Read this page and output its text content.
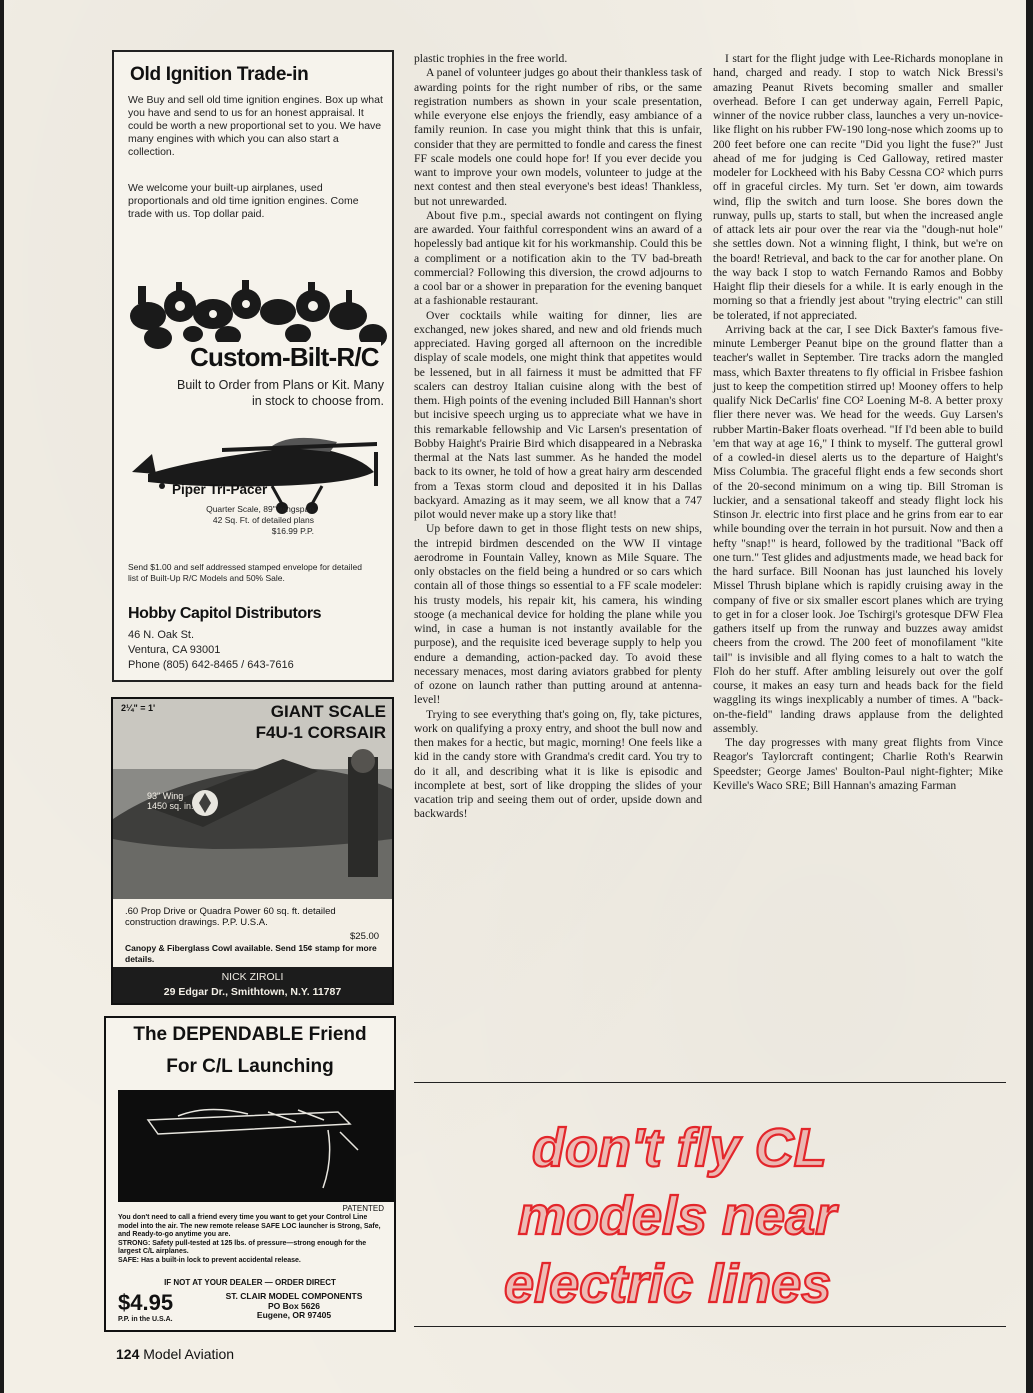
Old Ignition Trade-in
We Buy and sell old time ignition engines. Box up what you have and send to us for an honest appraisal. It could be worth a new proportional set to you. We have many engines with which you can also start a collection.
We welcome your built-up airplanes, used proportionals and old time ignition engines. Come trade with us. Top dollar paid.
Custom-Bilt-R/C
Built to Order from Plans or Kit. Many in stock to choose from.
Piper Tri-Pacer
Quarter Scale, 89" wingspan
42 Sq. Ft. of detailed plans
$16.99 P.P.
Send $1.00 and self addressed stamped envelope for detailed list of Built-Up R/C Models and 50% Sale.
Hobby Capitol Distributors
46 N. Oak St.
Ventura, CA 93001
Phone (805) 642-8465 / 643-7616
2¼" = 1'	GIANT SCALE
F4U-1 CORSAIR
93" Wing
1450 sq. in.
.60 Prop Drive or Quadra Power 60 sq. ft. detailed construction drawings. P.P. U.S.A.
$25.00
Canopy & Fiberglass Cowl available. Send 15¢ stamp for more details.
NICK ZIROLI
29 Edgar Dr., Smithtown, N.Y. 11787
The DEPENDABLE Friend
For C/L Launching
PATENTED
You don't need to call a friend every time you want to get your Control Line model into the air. The new remote release SAFE LOC launcher is Strong, Safe, and Ready-to-go anytime you are.
STRONG: Safety pull-tested at 125 lbs. of pressure—strong enough for the largest C/L airplanes.
SAFE: Has a built-in lock to prevent accidental release.
IF NOT AT YOUR DEALER — ORDER DIRECT
$4.95
P.P. in the U.S.A.
ST. CLAIR MODEL COMPONENTS
PO Box 5626
Eugene, OR 97405

plastic trophies in the free world.

A panel of volunteer judges go about their thankless task of awarding points for the right number of ribs, or the same registration numbers as shown in your scale presentation, while everyone else enjoys the friendly, easy ambiance of a family reunion. In case you might think that this is unfair, consider that they are permitted to fondle and caress the finest FF scale models one could hope for! If you ever decide you want to improve your own models, volunteer to judge at the next contest and then steal everyone's best ideas! Thankless, but not unrewarded.

About five p.m., special awards not contingent on flying are awarded. Your faithful correspondent wins an award of a hopelessly bad antique kit for his workmanship. Could this be a compliment or a notification akin to the TV bad-breath commercial? Following this diversion, the crowd adjourns to a cool bar or a shower in preparation for the evening banquet at a fashionable restaurant.

Over cocktails while waiting for dinner, lies are exchanged, new jokes shared, and new and old friends much appreciated. Having gorged all afternoon on the incredible display of scale models, one might think that appetites would be lessened, but in all fairness it must be admitted that FF scalers can destroy Italian cuisine along with the best of them. High points of the evening included Bill Hannan's short but incisive speech urging us to appreciate what we have in this remarkable fellowship and Vic Larsen's presentation of Bobby Haight's Prairie Bird which disappeared in a Nebraska thermal at the Nats last summer. As he handed the model back to its owner, he told of how a great hairy arm descended from a Texas storm cloud and deposited it in his Dallas backyard. Amazing as it may seem, we all know that a 747 pilot would never make up a story like that!

Up before dawn to get in those flight tests on new ships, the intrepid birdmen descended on the WW II vintage aerodrome in Fountain Valley, known as Mile Square. The only obstacles on the field being a hundred or so cars which contain all of those things so essential to a FF scale modeler: his trusty models, his repair kit, his camera, his winding stooge (a mechanical device for holding the plane while you wind, in case a human is not instantly available for the purpose), and the requisite iced beverage supply to help you endure a demanding, action-packed day. To avoid these necessary menaces, most daring aviators grabbed for plenty of ozone on launch rather than putting around at antenna-level!

Trying to see everything that's going on, fly, take pictures, work on qualifying a proxy entry, and shoot the bull now and then makes for a hectic, but magic, morning! One feels like a kid in the candy store with Grandma's credit card. You try to do it all, and describing what it is like is episodic and incomplete at best, sort of like dropping the slides of your vacation trip and seeing them out of order, upside down and backwards!

I start for the flight judge with Lee-Richards monoplane in hand, charged and ready. I stop to watch Nick Bressi's amazing Peanut Rivets becoming smaller and smaller overhead. Before I can get underway again, Ferrell Papic, winner of the novice rubber class, launches a very un-novice-like flight on his rubber FW-190 long-nose which zooms up to 200 feet before one can recite "Did you light the fuse?" Just ahead of me for judging is Ced Galloway, retired master modeler for Lockheed with his Baby Cessna CO² which purrs off in graceful circles. My turn. Set 'er down, aim towards wind, flip the switch and turn loose. She bores down the runway, pulls up, starts to stall, but when the increased angle of attack lets air pour over the rear via the "dough-nut hole" she settles down. Not a winning flight, I think, but we're on the board! Retrieval, and back to the car for another plane. On the way back I stop to watch Fernando Ramos and Bobby Haight flip their diesels for a while. It is early enough in the morning so that a friendly jest about "trying electric" can still be tolerated, if not appreciated.

Arriving back at the car, I see Dick Baxter's famous five-minute Lemberger Peanut bipe on the ground flatter than a teacher's wallet in September. Tire tracks adorn the mangled mass, which Baxter threatens to fly official in Frisbee fashion just to keep the competition stirred up! Mooney offers to help qualify Nick DeCarlis' fine CO² Loening M-8. A better proxy flier there never was. We head for the weeds. Guy Larsen's rubber Martin-Baker floats overhead. "If I'd been able to build 'em that way at age 16," I think to myself. The gutteral growl of a cowled-in diesel alerts us to the departure of Haight's Miss Columbia. The graceful flight ends a few seconds short of the 20-second minimum on a wing tip. Bill Stroman is luckier, and a sensational takeoff and steady flight lock his Stinson Jr. electric into first place and he grins from ear to ear while bounding over the terrain in hot pursuit. Now and then a hefty "snap!" is heard, followed by the traditional "Back off one turn." Test glides and adjustments made, we head back for the hard surface. Bill Noonan has just launched his lovely Missel Thrush biplane which is rapidly cruising away in the company of five or six smaller escort planes which are trying to get in for a closer look. Joe Tschirgi's grotesque DFW Flea gathers itself up from the runway and buzzes away amidst cheers from the crowd. The 200 feet of monofilament "kite tail" is invisible and all flying comes to a halt to watch the Floh do her stuff. After ambling leisurely out over the golf course, it makes an easy turn and heads back for the field waggling its wings inexplicably a number of times. A "back-on-the-field" landing draws applause from the delighted assembly.

The day progresses with many great flights from Vince Reagor's Taylorcraft contingent; Charlie Roth's Rearwin Speedster; George James' Boulton-Paul night-fighter; Mike Keville's Waco SRE; Bill Hannan's amazing Farman

don't fly CL
models near
electric lines
124 Model Aviation
